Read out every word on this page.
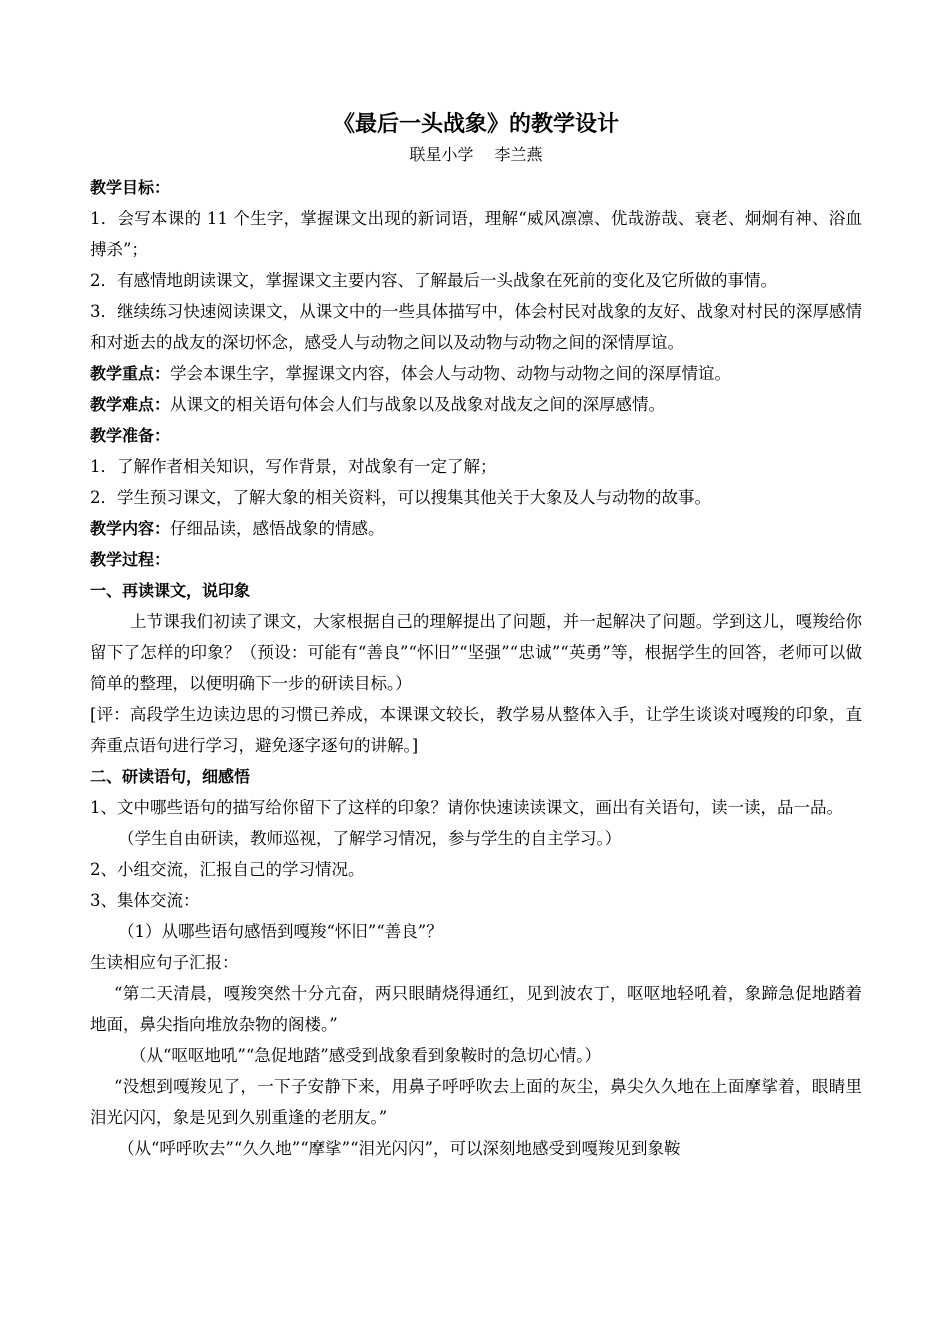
《最后一头战象》的教学设计
联星小学　 李兰燕

教学目标：

1．会写本课的 11 个生字，掌握课文出现的新词语，理解“威风凛凛、优哉游哉、衰老、炯炯有神、浴血搏杀”；

2．有感情地朗读课文，掌握课文主要内容、了解最后一头战象在死前的变化及它所做的事情。

3．继续练习快速阅读课文，从课文中的一些具体描写中，体会村民对战象的友好、战象对村民的深厚感情和对逝去的战友的深切怀念，感受人与动物之间以及动物与动物之间的深情厚谊。

教学重点：学会本课生字，掌握课文内容，体会人与动物、动物与动物之间的深厚情谊。

教学难点：从课文的相关语句体会人们与战象以及战象对战友之间的深厚感情。

教学准备：

1．了解作者相关知识，写作背景，对战象有一定了解；

2．学生预习课文，了解大象的相关资料，可以搜集其他关于大象及人与动物的故事。

教学内容：仔细品读，感悟战象的情感。

教学过程：

一、再读课文，说印象

上节课我们初读了课文，大家根据自己的理解提出了问题，并一起解决了问题。学到这儿，嘎羧给你留下了怎样的印象？（预设：可能有“善良”“怀旧”“坚强”“忠诚”“英勇”等，根据学生的回答，老师可以做简单的整理，以便明确下一步的研读目标。）

[评：高段学生边读边思的习惯已养成，本课课文较长，教学易从整体入手，让学生谈谈对嘎羧的印象，直奔重点语句进行学习，避免逐字逐句的讲解。]

二、研读语句，细感悟

1、文中哪些语句的描写给你留下了这样的印象？请你快速读读课文，画出有关语句，读一读，品一品。

（学生自由研读，教师巡视，了解学习情况，参与学生的自主学习。）

2、小组交流，汇报自己的学习情况。

3、集体交流：

（1）从哪些语句感悟到嘎羧“怀旧”“善良”？

生读相应句子汇报：

“第二天清晨，嘎羧突然十分亢奋，两只眼睛烧得通红，见到波农丁，呕呕地轻吼着，象蹄急促地踏着地面，鼻尖指向堆放杂物的阁楼。”

（从“呕呕地吼”“急促地踏”感受到战象看到象鞍时的急切心情。）

“没想到嘎羧见了，一下子安静下来，用鼻子呼呼吹去上面的灰尘，鼻尖久久地在上面摩挲着，眼睛里泪光闪闪，象是见到久别重逢的老朋友。”

（从“呼呼吹去”“久久地”“摩挲”“泪光闪闪”，可以深刻地感受到嘎羧见到象鞍
